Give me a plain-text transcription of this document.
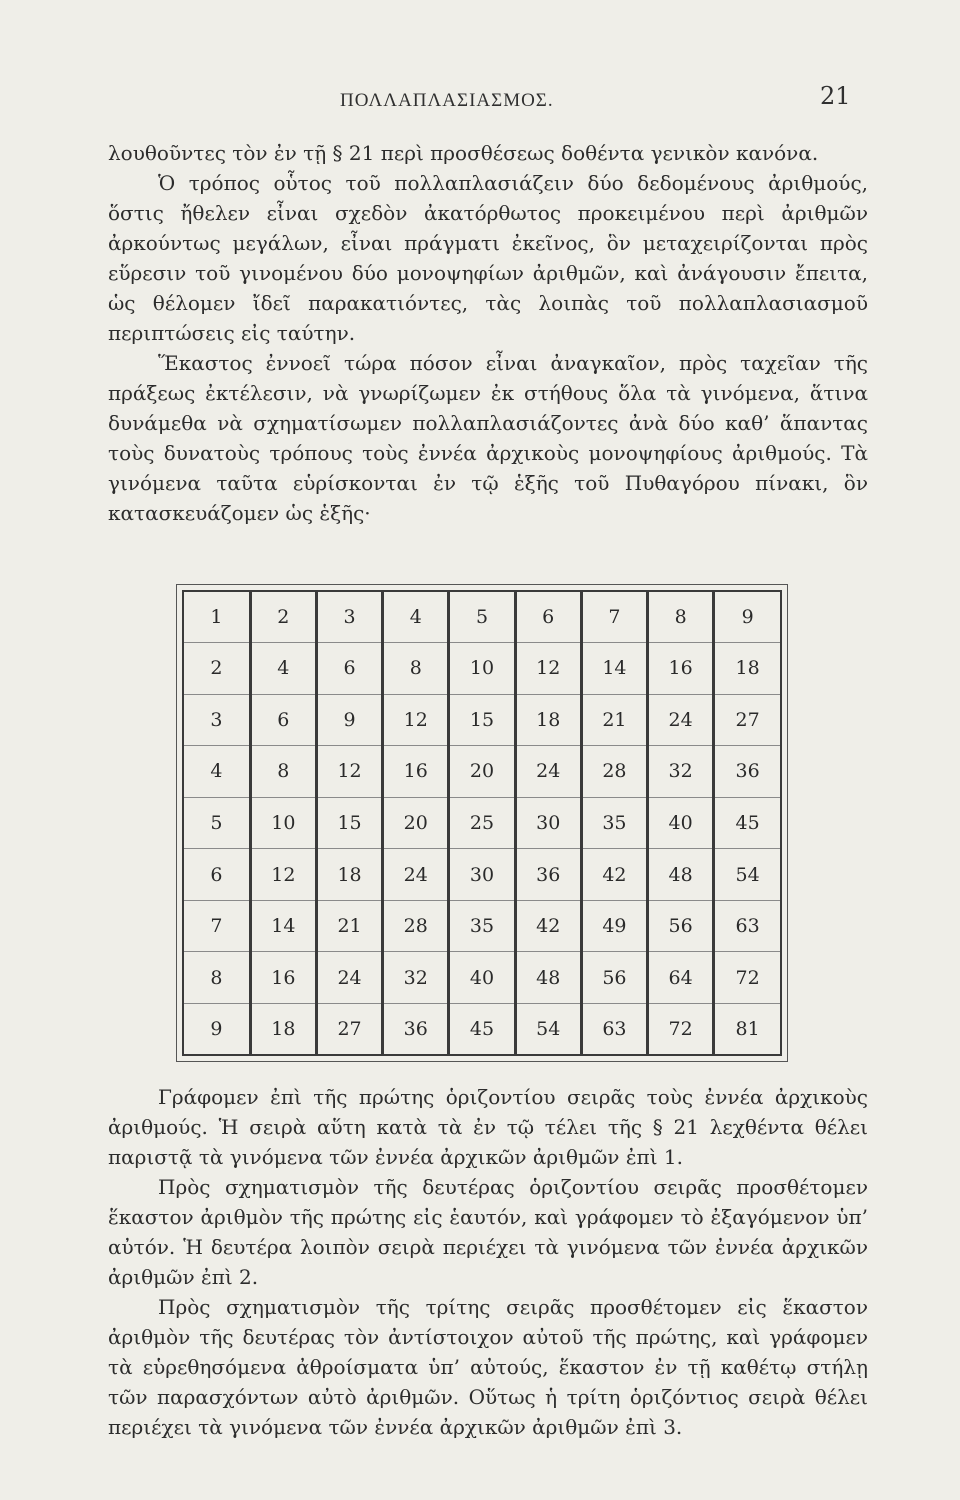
ΠΟΛΛΑΠΛΑΣΙΑΣΜΟΣ.	21

λουθοῦντες τὸν ἐν τῇ § 21 περὶ προσθέσεως δοθέντα γενικὸν κανόνα.

Ὁ τρόπος οὗτος τοῦ πολλαπλασιάζειν δύο δεδομένους ἀριθμούς, ὅστις ἤθελεν εἶναι σχεδὸν ἀκατόρθωτος προκειμένου περὶ ἀριθμῶν ἀρκούντως μεγάλων, εἶναι πράγματι ἐκεῖνος, ὃν μεταχειρίζονται πρὸς εὕρεσιν τοῦ γινομένου δύο μονοψηφίων ἀριθμῶν, καὶ ἀνάγουσιν ἔπειτα, ὡς θέλομεν ἴδεῖ παρακατιόντες, τὰς λοιπὰς τοῦ πολλαπλασιασμοῦ περιπτώσεις εἰς ταύτην.

Ἕκαστος ἐννοεῖ τώρα πόσον εἶναι ἀναγκαῖον, πρὸς ταχεῖαν τῆς πράξεως ἐκτέλεσιν, νὰ γνωρίζωμεν ἐκ στήθους ὅλα τὰ γινόμενα, ἅτινα δυνάμεθα νὰ σχηματίσωμεν πολλαπλασιάζοντες ἀνὰ δύο καθ’ ἅπαντας τοὺς δυνατοὺς τρόπους τοὺς ἐννέα ἀρχικοὺς μονοψηφίους ἀριθμούς. Τὰ γινόμενα ταῦτα εὑρίσκονται ἐν τῷ ἑξῆς τοῦ Πυθαγόρου πίνακι, ὃν κατασκευάζομεν ὡς ἑξῆς·

1	2	3	4	5	6	7	8	9
2	4	6	8	10	12	14	16	18
3	6	9	12	15	18	21	24	27
4	8	12	16	20	24	28	32	36
5	10	15	20	25	30	35	40	45
6	12	18	24	30	36	42	48	54
7	14	21	28	35	42	49	56	63
8	16	24	32	40	48	56	64	72
9	18	27	36	45	54	63	72	81

Γράφομεν ἐπὶ τῆς πρώτης ὁριζοντίου σειρᾶς τοὺς ἐννέα ἀρχικοὺς ἀριθμούς. Ἡ σειρὰ αὕτη κατὰ τὰ ἐν τῷ τέλει τῆς § 21 λεχθέντα θέλει παριστᾷ τὰ γινόμενα τῶν ἐννέα ἀρχικῶν ἀριθμῶν ἐπὶ 1.

Πρὸς σχηματισμὸν τῆς δευτέρας ὁριζοντίου σειρᾶς προσθέτομεν ἕκαστον ἀριθμὸν τῆς πρώτης εἰς ἑαυτόν, καὶ γράφομεν τὸ ἐξαγόμενον ὑπ’ αὐτόν. Ἡ δευτέρα λοιπὸν σειρὰ περιέχει τὰ γινόμενα τῶν ἐννέα ἀρχικῶν ἀριθμῶν ἐπὶ 2.

Πρὸς σχηματισμὸν τῆς τρίτης σειρᾶς προσθέτομεν εἰς ἕκαστον ἀριθμὸν τῆς δευτέρας τὸν ἀντίστοιχον αὐτοῦ τῆς πρώτης, καὶ γράφομεν τὰ εὑρεθησόμενα ἀθροίσματα ὑπ’ αὐτούς, ἕκαστον ἐν τῇ καθέτῳ στήλῃ τῶν παρασχόντων αὐτὸ ἀριθμῶν. Οὕτως ἡ τρίτη ὁριζόντιος σειρὰ θέλει περιέχει τὰ γινόμενα τῶν ἐννέα ἀρχικῶν ἀριθμῶν ἐπὶ 3.
